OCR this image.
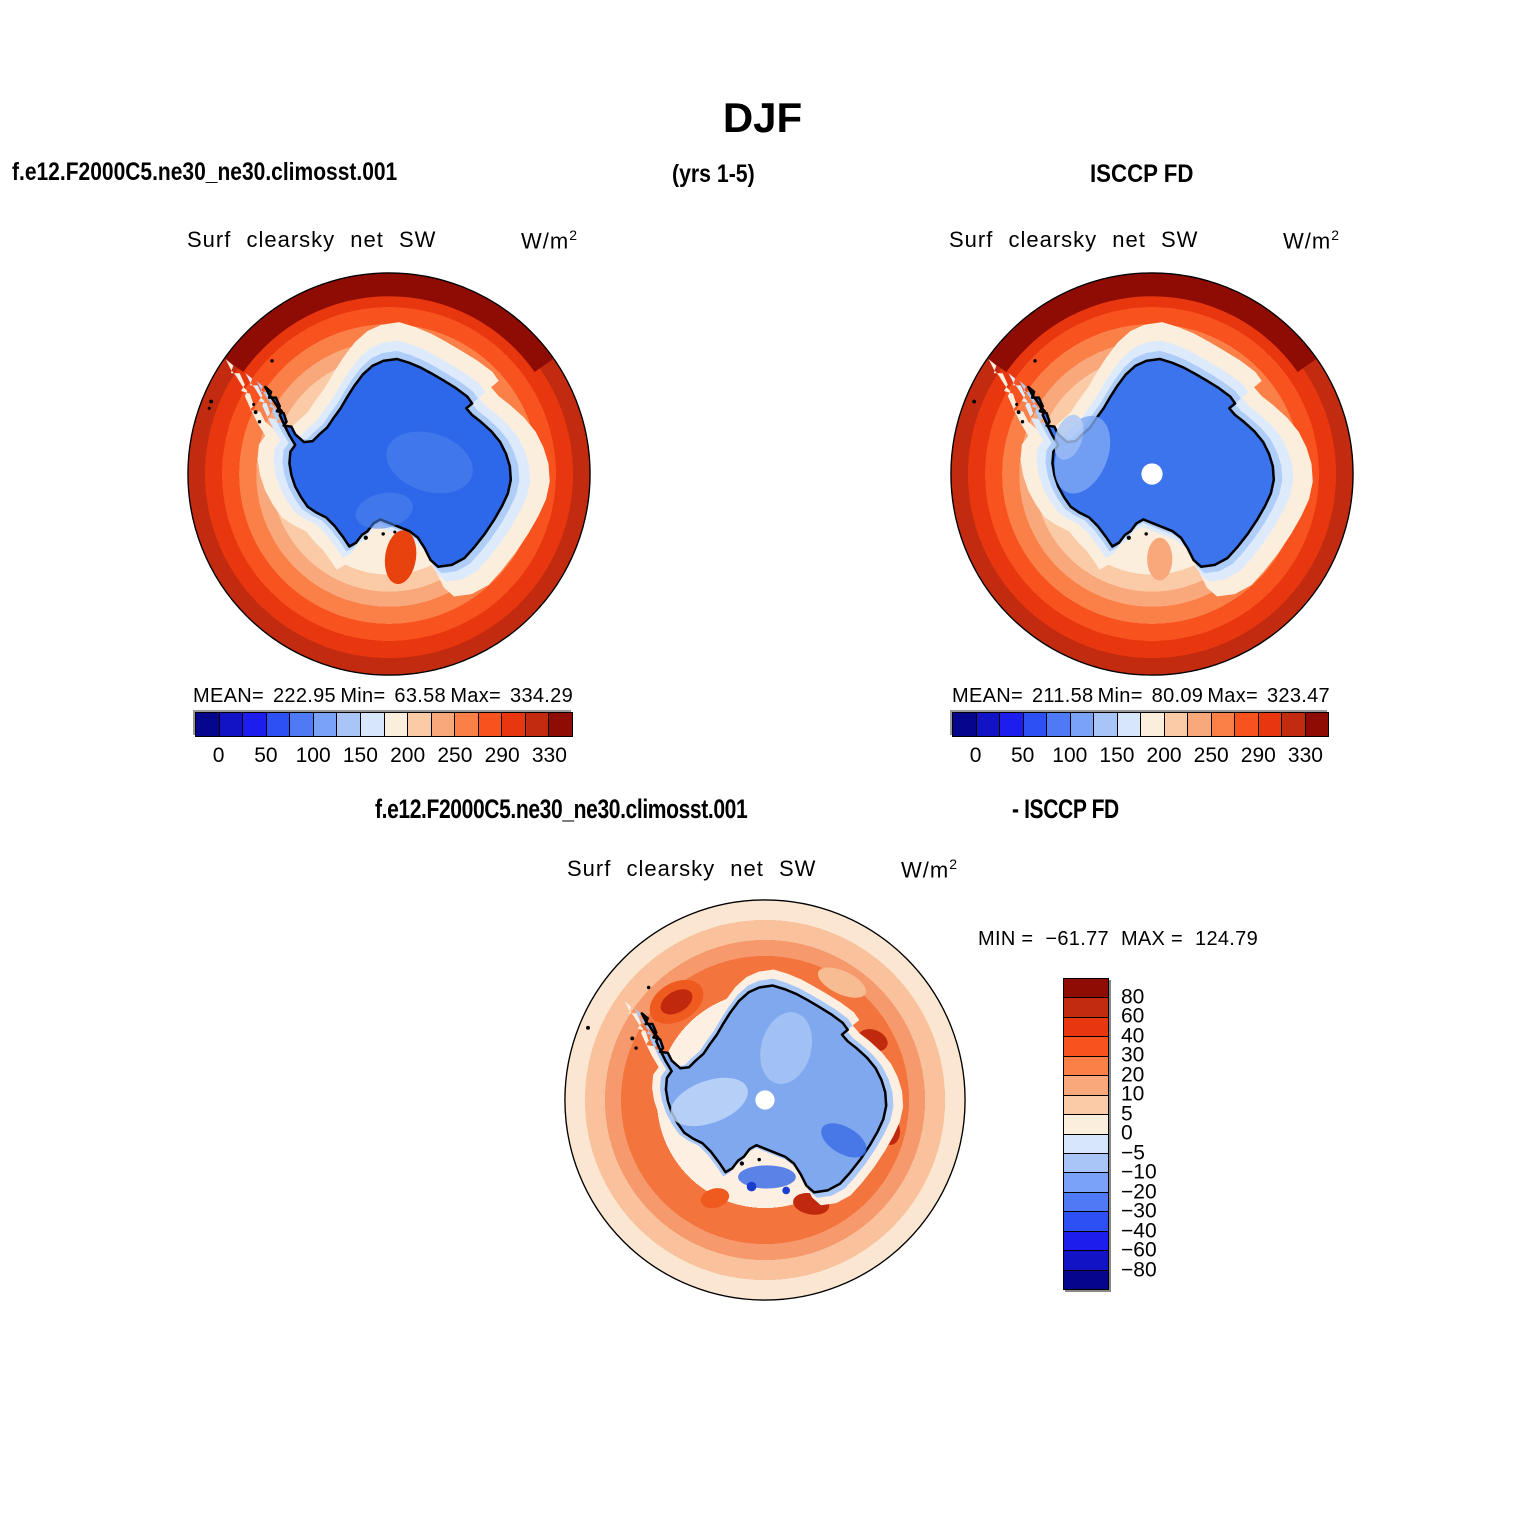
DJF
f.e12.F2000C5.ne30_ne30.climosst.001	(yrs 1-5)	ISCCP FD
Surf clearsky net SW	$W/m^2$
MEAN= 222.95 Min= 63.58 Max= 334.29
0 50 100 150 200 250 290 330
Surf clearsky net SW	$W/m^2$
MEAN= 211.58 Min= 80.09 Max= 323.47
0 50 100 150 200 250 290 330
f.e12.F2000C5.ne30_ne30.climosst.001	- ISCCP FD
Surf clearsky net SW	$W/m^2$
MIN = −61.77 MAX = 124.79
80
60
40
30
20
10
5
0
−5
−10
−20
−30
−40
−60
−80
